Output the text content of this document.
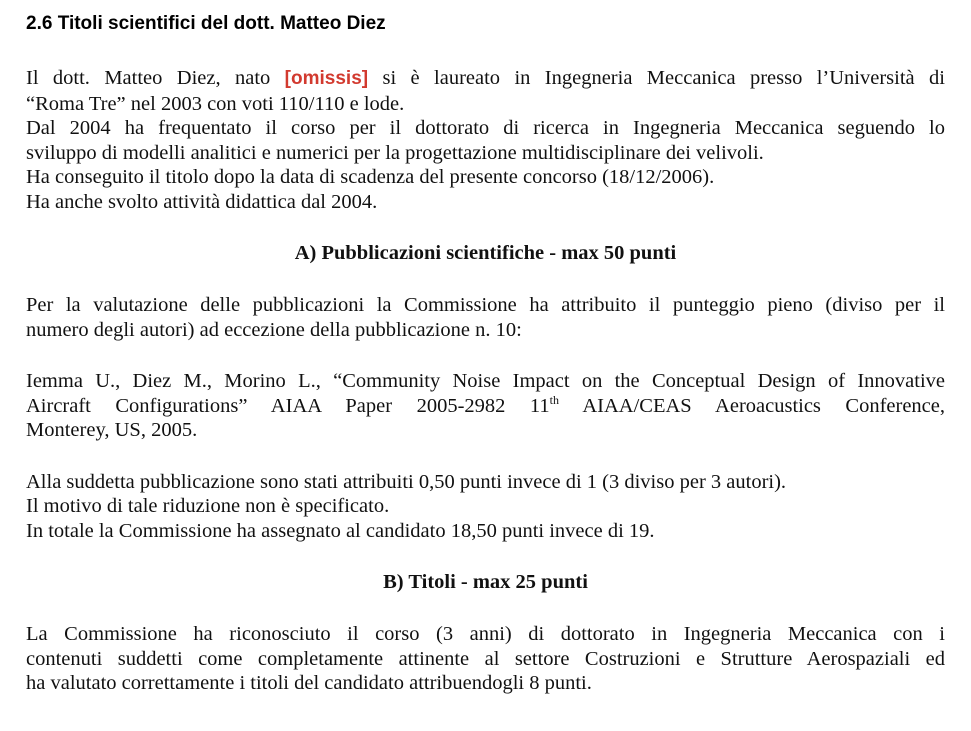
2.6 Titoli scientifici del dott. Matteo Diez

Il dott. Matteo Diez, nato [omissis] si è laureato in Ingegneria Meccanica presso l’Università di

“Roma Tre” nel 2003 con voti 110/110 e lode.

Dal 2004 ha frequentato il corso per il dottorato di ricerca in Ingegneria Meccanica seguendo lo

sviluppo di modelli analitici e numerici per la progettazione multidisciplinare dei velivoli.

Ha conseguito il titolo dopo la data di scadenza del presente concorso (18/12/2006).

Ha anche svolto attività didattica dal 2004.

A) Pubblicazioni scientifiche - max 50 punti

Per la valutazione delle pubblicazioni la Commissione ha attribuito il punteggio pieno (diviso per il

numero degli autori) ad eccezione della pubblicazione n. 10:

Iemma U., Diez M., Morino L., “Community Noise Impact on the Conceptual Design of Innovative

Aircraft Configurations” AIAA Paper 2005-2982 11th AIAA/CEAS Aeroacustics Conference,

Monterey, US, 2005.

Alla suddetta pubblicazione sono stati attribuiti 0,50 punti invece di 1 (3 diviso per 3 autori).

Il motivo di tale riduzione non è specificato.

In totale la Commissione ha assegnato al candidato 18,50 punti invece di 19.

B) Titoli - max 25 punti

La Commissione ha riconosciuto il corso (3 anni) di dottorato in Ingegneria Meccanica con i

contenuti suddetti come completamente attinente al settore Costruzioni e Strutture Aerospaziali ed

ha valutato correttamente i titoli del candidato attribuendogli 8 punti.
